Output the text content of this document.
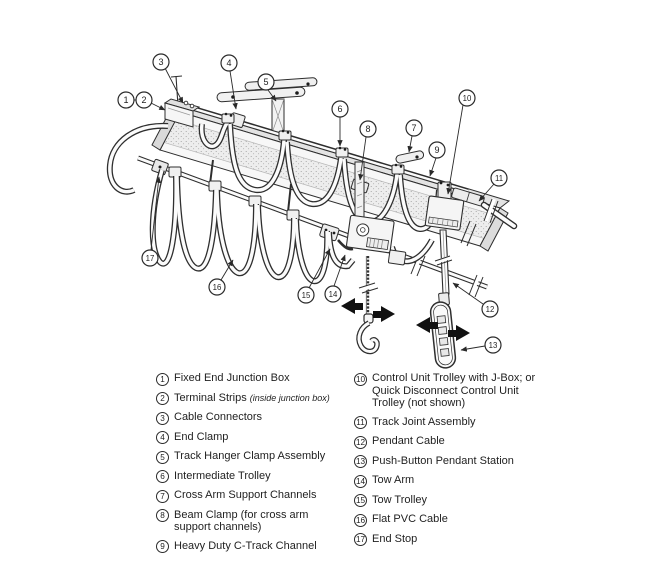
1 2
3	4
5
6
7
8
9
10
11
12
13
14
15
16
17
1 Fixed End Junction Box
2 Terminal Strips (inside junction box)
3 Cable Connectors
4 End Clamp
5 Track Hanger Clamp Assembly
6 Intermediate Trolley
7 Cross Arm Support Channels
8 Beam Clamp (for cross arm support channels)
9 Heavy Duty C-Track Channel
10 Control Unit Trolley with J-Box; or Quick Disconnect Control Unit Trolley (not shown)
11 Track Joint Assembly
12 Pendant Cable
13 Push-Button Pendant Station
14 Tow Arm
15 Tow Trolley
16 Flat PVC Cable
17 End Stop
